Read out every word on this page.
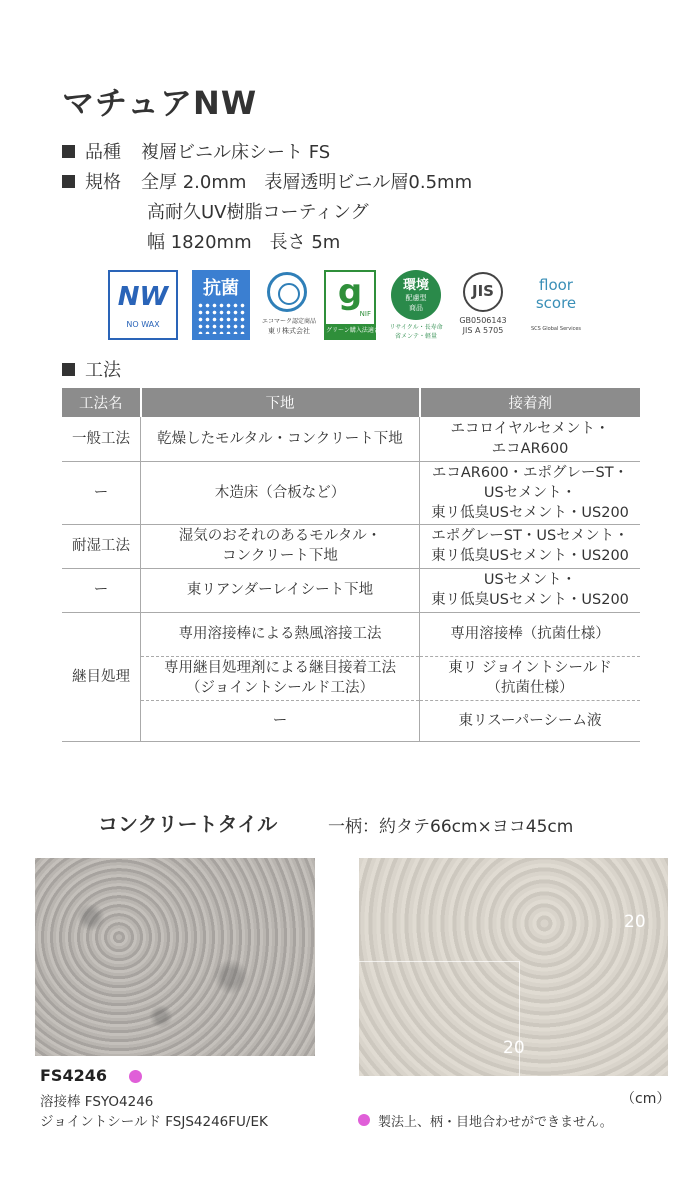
マチュアNW
品種 複層ビニル床シート FS
規格 全厚 2.0mm　表層透明ビニル層0.5mm
高耐久UV樹脂コーティング
幅 1820mm　長さ 5m
NW
NO WAX
抗菌
エコマーク認定商品
東リ株式会社
g
NIF
グリーン購入法適合
環境
配慮型
商品
リサイクル・長寿命
省メンテ・軽量
JIS
GB0506143
JIS A 5705
floor
score
SCS Global Services
工法
工法名	下地	接着剤
一般工法	乾燥したモルタル・コンクリート下地	エコロイヤルセメント・
エコAR600
ー	木造床（合板など）	エコAR600・エポグレーST・
USセメント・
東リ低臭USセメント・US200
耐湿工法	湿気のおそれのあるモルタル・
コンクリート下地	エポグレーST・USセメント・
東リ低臭USセメント・US200
ー	東リアンダーレイシート下地	USセメント・
東リ低臭USセメント・US200
継目処理	専用溶接棒による熱風溶接工法	専用溶接棒（抗菌仕様）
	専用継目処理剤による継目接着工法
（ジョイントシールド工法）	東リ ジョイントシールド
（抗菌仕様）
	ー	東リスーパーシーム液
コンクリートタイル	一柄：約タテ66cm×ヨコ45cm
20
20
FS4246
溶接棒 FSYO4246
ジョイントシールド FSJS4246FU/EK
（cm）
製法上、柄・目地合わせができません。
